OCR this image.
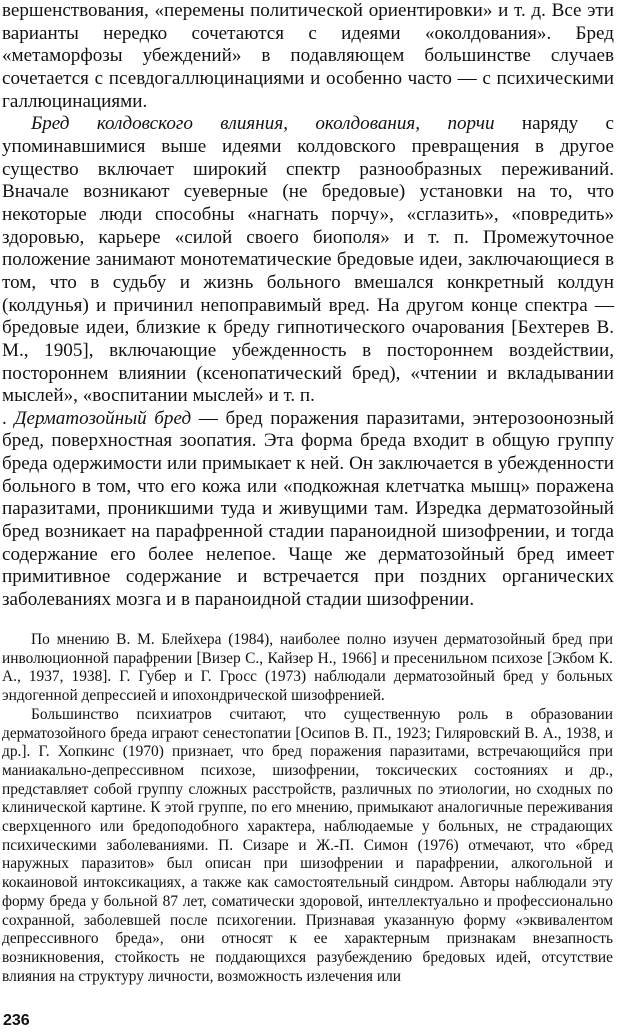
вершенствования, «перемены политической ориентировки» и т. д. Все эти варианты нередко сочетаются с идеями «околдования». Бред «метаморфозы убеждений» в подавляющем большинстве случаев сочетается с псевдогаллюцинациями и особенно часто — с психическими галлюцинациями.

Бред колдовского влияния, околдования, порчи наряду с упоминавшимися выше идеями колдовского превращения в другое существо включает широкий спектр разнообразных переживаний. Вначале возникают суеверные (не бредовые) установки на то, что некоторые люди способны «нагнать порчу», «сглазить», «повредить» здоровью, карьере «силой своего биополя» и т. п. Промежуточное положение занимают монотематические бредовые идеи, заключающиеся в том, что в судьбу и жизнь больного вмешался конкретный колдун (колдунья) и причинил непоправимый вред. На другом конце спектра — бредовые идеи, близкие к бреду гипнотического очарования [Бехтерев В. М., 1905], включающие убежденность в постороннем воздействии, постороннем влиянии (ксенопатический бред), «чтении и вкладывании мыслей», «воспитании мыслей» и т. п.

. Дерматозойный бред — бред поражения паразитами, энтерозоонозный бред, поверхностная зоопатия. Эта форма бреда входит в общую группу бреда одержимости или примыкает к ней. Он заключается в убежденности больного в том, что его кожа или «подкожная клетчатка мышц» поражена паразитами, проникшими туда и живущими там. Изредка дерматозойный бред возникает на парафренной стадии параноидной шизофрении, и тогда содержание его более нелепое. Чаще же дерматозойный бред имеет примитивное содержание и встречается при поздних органических заболеваниях мозга и в параноидной стадии шизофрении.

По мнению В. М. Блейхера (1984), наиболее полно изучен дерматозойный бред при инволюционной парафрении [Визер С., Кайзер Н., 1966] и пресенильном психозе [Экбом К. А., 1937, 1938]. Г. Губер и Г. Гросс (1973) наблюдали дерматозойный бред у больных эндогенной депрессией и ипохондрической шизофренией.

Большинство психиатров считают, что существенную роль в образовании дерматозойного бреда играют сенестопатии [Осипов В. П., 1923; Гиляровский В. А., 1938, и др.]. Г. Хопкинс (1970) признает, что бред поражения паразитами, встречающийся при маниакально-депрессивном психозе, шизофрении, токсических состояниях и др., представляет собой группу сложных расстройств, различных по этиологии, но сходных по клинической картине. К этой группе, по его мнению, примыкают аналогичные переживания сверхценного или бредоподобного характера, наблюдаемые у больных, не страдающих психическими заболеваниями. П. Сизаре и Ж.-П. Симон (1976) отмечают, что «бред наружных паразитов» был описан при шизофрении и парафрении, алкогольной и кокаиновой интоксикациях, а также как самостоятельный синдром. Авторы наблюдали эту форму бреда у больной 87 лет, соматически здоровой, интеллектуально и профессионально сохранной, заболевшей после психогении. Признавая указанную форму «эквивалентом депрессивного бреда», они относят к ее характерным признакам внезапность возникновения, стойкость не поддающихся разубеждению бредовых идей, отсутствие влияния на структуру личности, возможность излечения или

236
